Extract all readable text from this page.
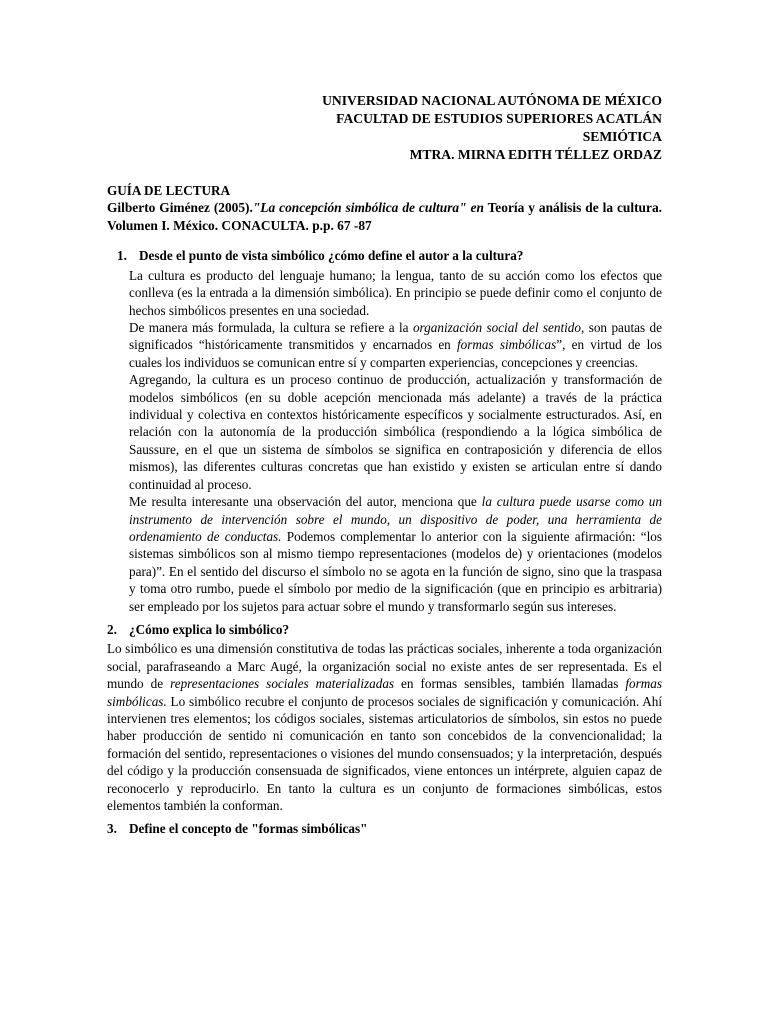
UNIVERSIDAD NACIONAL AUTÓNOMA DE MÉXICO
FACULTAD DE ESTUDIOS SUPERIORES ACATLÁN
SEMIÓTICA
MTRA. MIRNA EDITH TÉLLEZ ORDAZ
GUÍA DE LECTURA
Gilberto Giménez (2005)."La concepción simbólica de cultura" en Teoría y análisis de la cultura. Volumen I. México. CONACULTA. p.p. 67 -87
1. Desde el punto de vista simbólico ¿cómo define el autor a la cultura?

La cultura es producto del lenguaje humano; la lengua, tanto de su acción como los efectos que conlleva (es la entrada a la dimensión simbólica). En principio se puede definir como el conjunto de hechos simbólicos presentes en una sociedad.

De manera más formulada, la cultura se refiere a la organización social del sentido, son pautas de significados “históricamente transmitidos y encarnados en formas simbólicas”, en virtud de los cuales los individuos se comunican entre sí y comparten experiencias, concepciones y creencias.

Agregando, la cultura es un proceso continuo de producción, actualización y transformación de modelos simbólicos (en su doble acepción mencionada más adelante) a través de la práctica individual y colectiva en contextos históricamente específicos y socialmente estructurados. Así, en relación con la autonomía de la producción simbólica (respondiendo a la lógica simbólica de Saussure, en el que un sistema de símbolos se significa en contraposición y diferencia de ellos mismos), las diferentes culturas concretas que han existido y existen se articulan entre sí dando continuidad al proceso.

Me resulta interesante una observación del autor, menciona que la cultura puede usarse como un instrumento de intervención sobre el mundo, un dispositivo de poder, una herramienta de ordenamiento de conductas. Podemos complementar lo anterior con la siguiente afirmación: “los sistemas simbólicos son al mismo tiempo representaciones (modelos de) y orientaciones (modelos para)”. En el sentido del discurso el símbolo no se agota en la función de signo, sino que la traspasa y toma otro rumbo, puede el símbolo por medio de la significación (que en principio es arbitraria) ser empleado por los sujetos para actuar sobre el mundo y transformarlo según sus intereses.

2. ¿Cómo explica lo simbólico?

Lo simbólico es una dimensión constitutiva de todas las prácticas sociales, inherente a toda organización social, parafraseando a Marc Augé, la organización social no existe antes de ser representada. Es el mundo de representaciones sociales materializadas en formas sensibles, también llamadas formas simbólicas. Lo simbólico recubre el conjunto de procesos sociales de significación y comunicación. Ahí intervienen tres elementos; los códigos sociales, sistemas articulatorios de símbolos, sin estos no puede haber producción de sentido ni comunicación en tanto son concebidos de la convencionalidad; la formación del sentido, representaciones o visiones del mundo consensuados; y la interpretación, después del código y la producción consensuada de significados, viene entonces un intérprete, alguien capaz de reconocerlo y reproducirlo. En tanto la cultura es un conjunto de formaciones simbólicas, estos elementos también la conforman.

3. Define el concepto de "formas simbólicas"
